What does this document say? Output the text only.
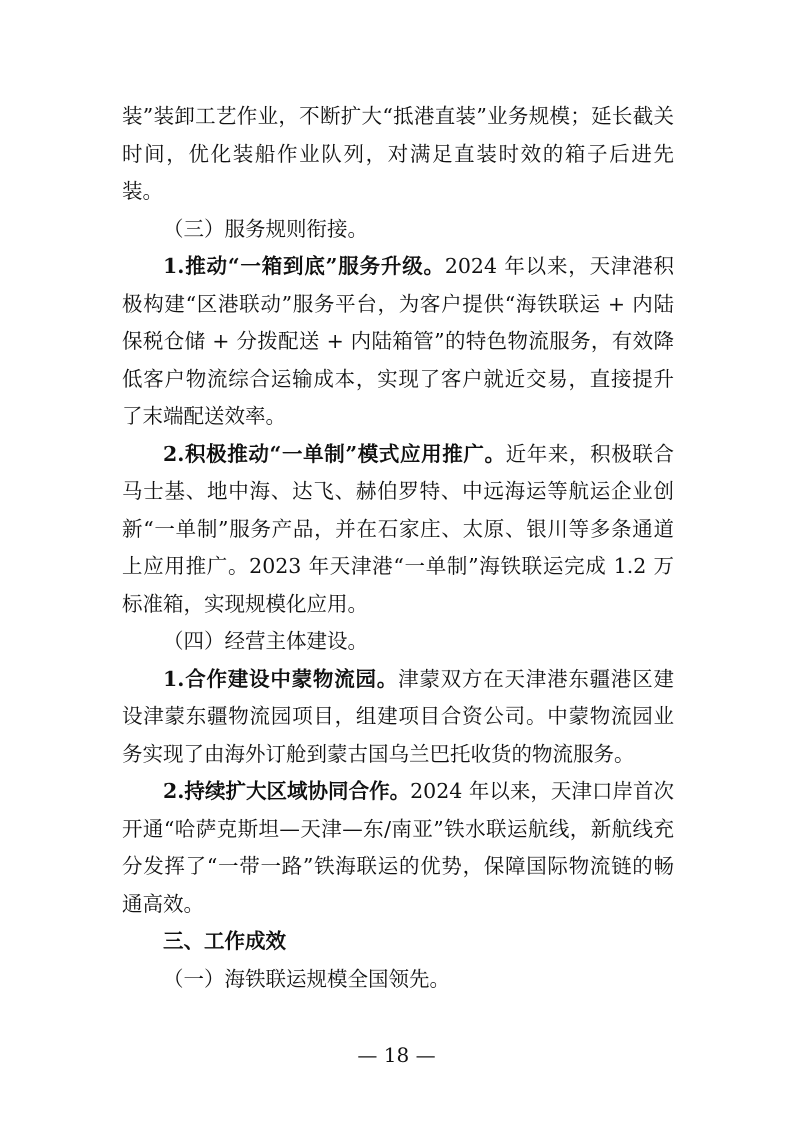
装”装卸工艺作业，不断扩大“抵港直装”业务规模；延长截关时间，优化装船作业队列，对满足直装时效的箱子后进先装。

（三）服务规则衔接。

1.推动“一箱到底”服务升级。2024 年以来，天津港积极构建“区港联动”服务平台，为客户提供“海铁联运 + 内陆保税仓储 + 分拨配送 + 内陆箱管”的特色物流服务，有效降低客户物流综合运输成本，实现了客户就近交易，直接提升了末端配送效率。

2.积极推动“一单制”模式应用推广。近年来，积极联合马士基、地中海、达飞、赫伯罗特、中远海运等航运企业创新“一单制”服务产品，并在石家庄、太原、银川等多条通道上应用推广。2023 年天津港“一单制”海铁联运完成 1.2 万标准箱，实现规模化应用。

（四）经营主体建设。

1.合作建设中蒙物流园。津蒙双方在天津港东疆港区建设津蒙东疆物流园项目，组建项目合资公司。中蒙物流园业务实现了由海外订舱到蒙古国乌兰巴托收货的物流服务。

2.持续扩大区域协同合作。2024 年以来，天津口岸首次开通“哈萨克斯坦—天津—东/南亚”铁水联运航线，新航线充分发挥了“一带一路”铁海联运的优势，保障国际物流链的畅通高效。

三、工作成效

（一）海铁联运规模全国领先。

— 18 —
